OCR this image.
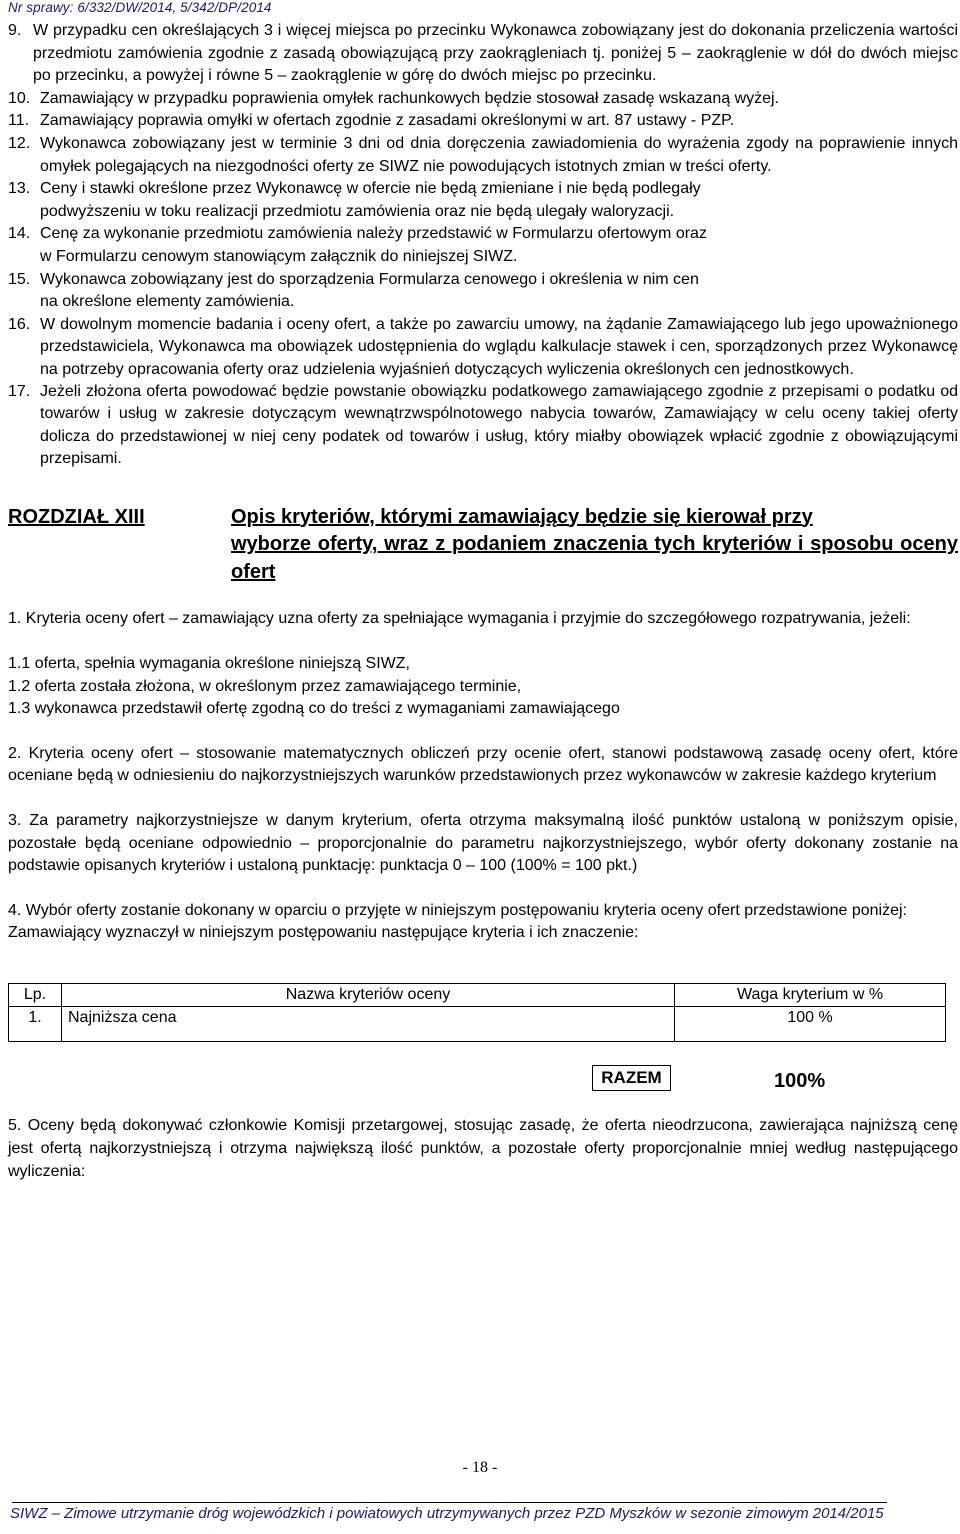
Nr sprawy: 6/332/DW/2014, 5/342/DP/2014

9. W przypadku cen określających 3 i więcej miejsca po przecinku Wykonawca zobowiązany jest do dokonania przeliczenia wartości przedmiotu zamówienia zgodnie z zasadą obowiązującą przy zaokrągleniach tj. poniżej 5 – zaokrąglenie w dół do dwóch miejsc po przecinku, a powyżej i równe 5 – zaokrąglenie w górę do dwóch miejsc po przecinku.

10. Zamawiający w przypadku poprawienia omyłek rachunkowych będzie stosował zasadę wskazaną wyżej.

11. Zamawiający poprawia omyłki w ofertach zgodnie z zasadami określonymi w art. 87 ustawy - PZP.

12. Wykonawca zobowiązany jest w terminie 3 dni od dnia doręczenia zawiadomienia do wyrażenia zgody na poprawienie innych omyłek polegających na niezgodności oferty ze SIWZ nie powodujących istotnych zmian w treści oferty.

13. Ceny i stawki określone przez Wykonawcę w ofercie nie będą zmieniane i nie będą podlegały
podwyższeniu w toku realizacji przedmiotu zamówienia oraz nie będą ulegały waloryzacji.

14. Cenę za wykonanie przedmiotu zamówienia należy przedstawić w Formularzu ofertowym oraz
w Formularzu cenowym stanowiącym załącznik do niniejszej SIWZ.

15. Wykonawca zobowiązany jest do sporządzenia Formularza cenowego i określenia w nim cen
na określone elementy zamówienia.

16. W dowolnym momencie badania i oceny ofert, a także po zawarciu umowy, na żądanie Zamawiającego lub jego upoważnionego przedstawiciela, Wykonawca ma obowiązek udostępnienia do wglądu kalkulacje stawek i cen, sporządzonych przez Wykonawcę na potrzeby opracowania oferty oraz udzielenia wyjaśnień dotyczących wyliczenia określonych cen jednostkowych.

17. Jeżeli złożona oferta powodować będzie powstanie obowiązku podatkowego zamawiającego zgodnie z przepisami o podatku od towarów i usług w zakresie dotyczącym wewnątrzwspólnotowego nabycia towarów, Zamawiający w celu oceny takiej oferty dolicza do przedstawionej w niej ceny podatek od towarów i usług, który miałby obowiązek wpłacić zgodnie z obowiązującymi przepisami.

ROZDZIAŁ XIII	Opis kryteriów, którymi zamawiający będzie się kierował przy
wyborze oferty, wraz z podaniem znaczenia tych kryteriów i sposobu oceny ofert

1. Kryteria oceny ofert – zamawiający uzna oferty za spełniające wymagania i przyjmie do szczegółowego rozpatrywania, jeżeli:

1.1 oferta, spełnia wymagania określone niniejszą SIWZ,

1.2 oferta została złożona, w określonym przez zamawiającego terminie,

1.3 wykonawca przedstawił ofertę zgodną co do treści z wymaganiami zamawiającego

2. Kryteria oceny ofert – stosowanie matematycznych obliczeń przy ocenie ofert, stanowi podstawową zasadę oceny ofert, które oceniane będą w odniesieniu do najkorzystniejszych warunków przedstawionych przez wykonawców w zakresie każdego kryterium

3. Za parametry najkorzystniejsze w danym kryterium, oferta otrzyma maksymalną ilość punktów ustaloną w poniższym opisie, pozostałe będą oceniane odpowiednio – proporcjonalnie do parametru najkorzystniejszego, wybór oferty dokonany zostanie na podstawie opisanych kryteriów i ustaloną punktację: punktacja 0 – 100 (100% = 100 pkt.)

4. Wybór oferty zostanie dokonany w oparciu o przyjęte w niniejszym postępowaniu kryteria oceny ofert przedstawione poniżej:

Zamawiający wyznaczył w niniejszym postępowaniu następujące kryteria i ich znaczenie:

Lp.	Nazwa kryteriów oceny	Waga kryterium w %
1.	Najniższa cena	100 %
RAZEM	100%

5. Oceny będą dokonywać członkowie Komisji przetargowej, stosując zasadę, że oferta nieodrzucona, zawierająca najniższą cenę jest ofertą najkorzystniejszą i otrzyma największą ilość punktów, a pozostałe oferty proporcjonalnie mniej według następującego wyliczenia:

- 18 -
SIWZ – Zimowe utrzymanie dróg wojewódzkich i powiatowych utrzymywanych przez PZD Myszków w sezonie zimowym 2014/2015
